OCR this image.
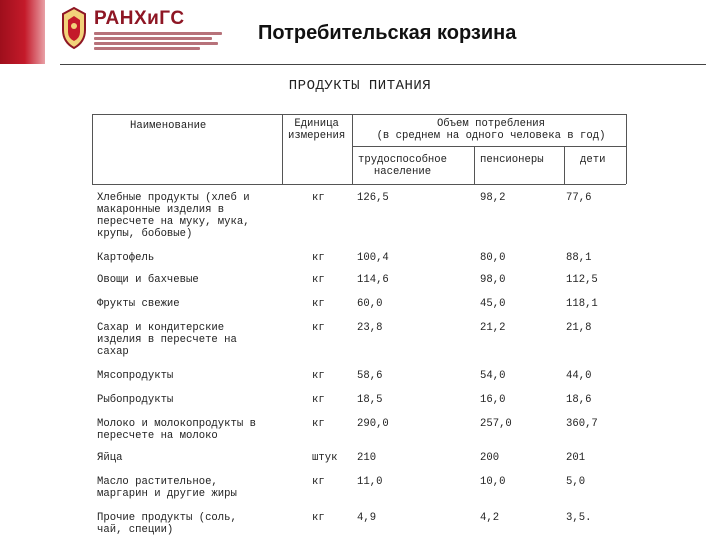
РАНХиГС
Потребительская корзина
ПРОДУКТЫ ПИТАНИЯ
Наименование	Единица
измерения
Объем потребления
(в среднем на одного человека в год)
трудоспособное
население
пенсионеры	дети
Хлебные продукты (хлеб и
макаронные изделия в
пересчете на муку, мука,
крупы, бобовые)
кг	126,5	98,2	77,6
Картофель	кг	100,4	80,0	88,1
Овощи и бахчевые	кг	114,6	98,0	112,5
Фрукты свежие	кг	60,0	45,0	118,1
Сахар и кондитерские
изделия в пересчете на
сахар
кг	23,8	21,2	21,8
Мясопродукты	кг	58,6	54,0	44,0
Рыбопродукты	кг	18,5	16,0	18,6
Молоко и молокопродукты в
пересчете на молоко
кг	290,0	257,0	360,7
Яйца	штук 210	200	201
Масло растительное,
маргарин и другие жиры
кг	11,0	10,0	5,0
Прочие продукты (соль,
чай, специи)
кг	4,9	4,2	3,5.
